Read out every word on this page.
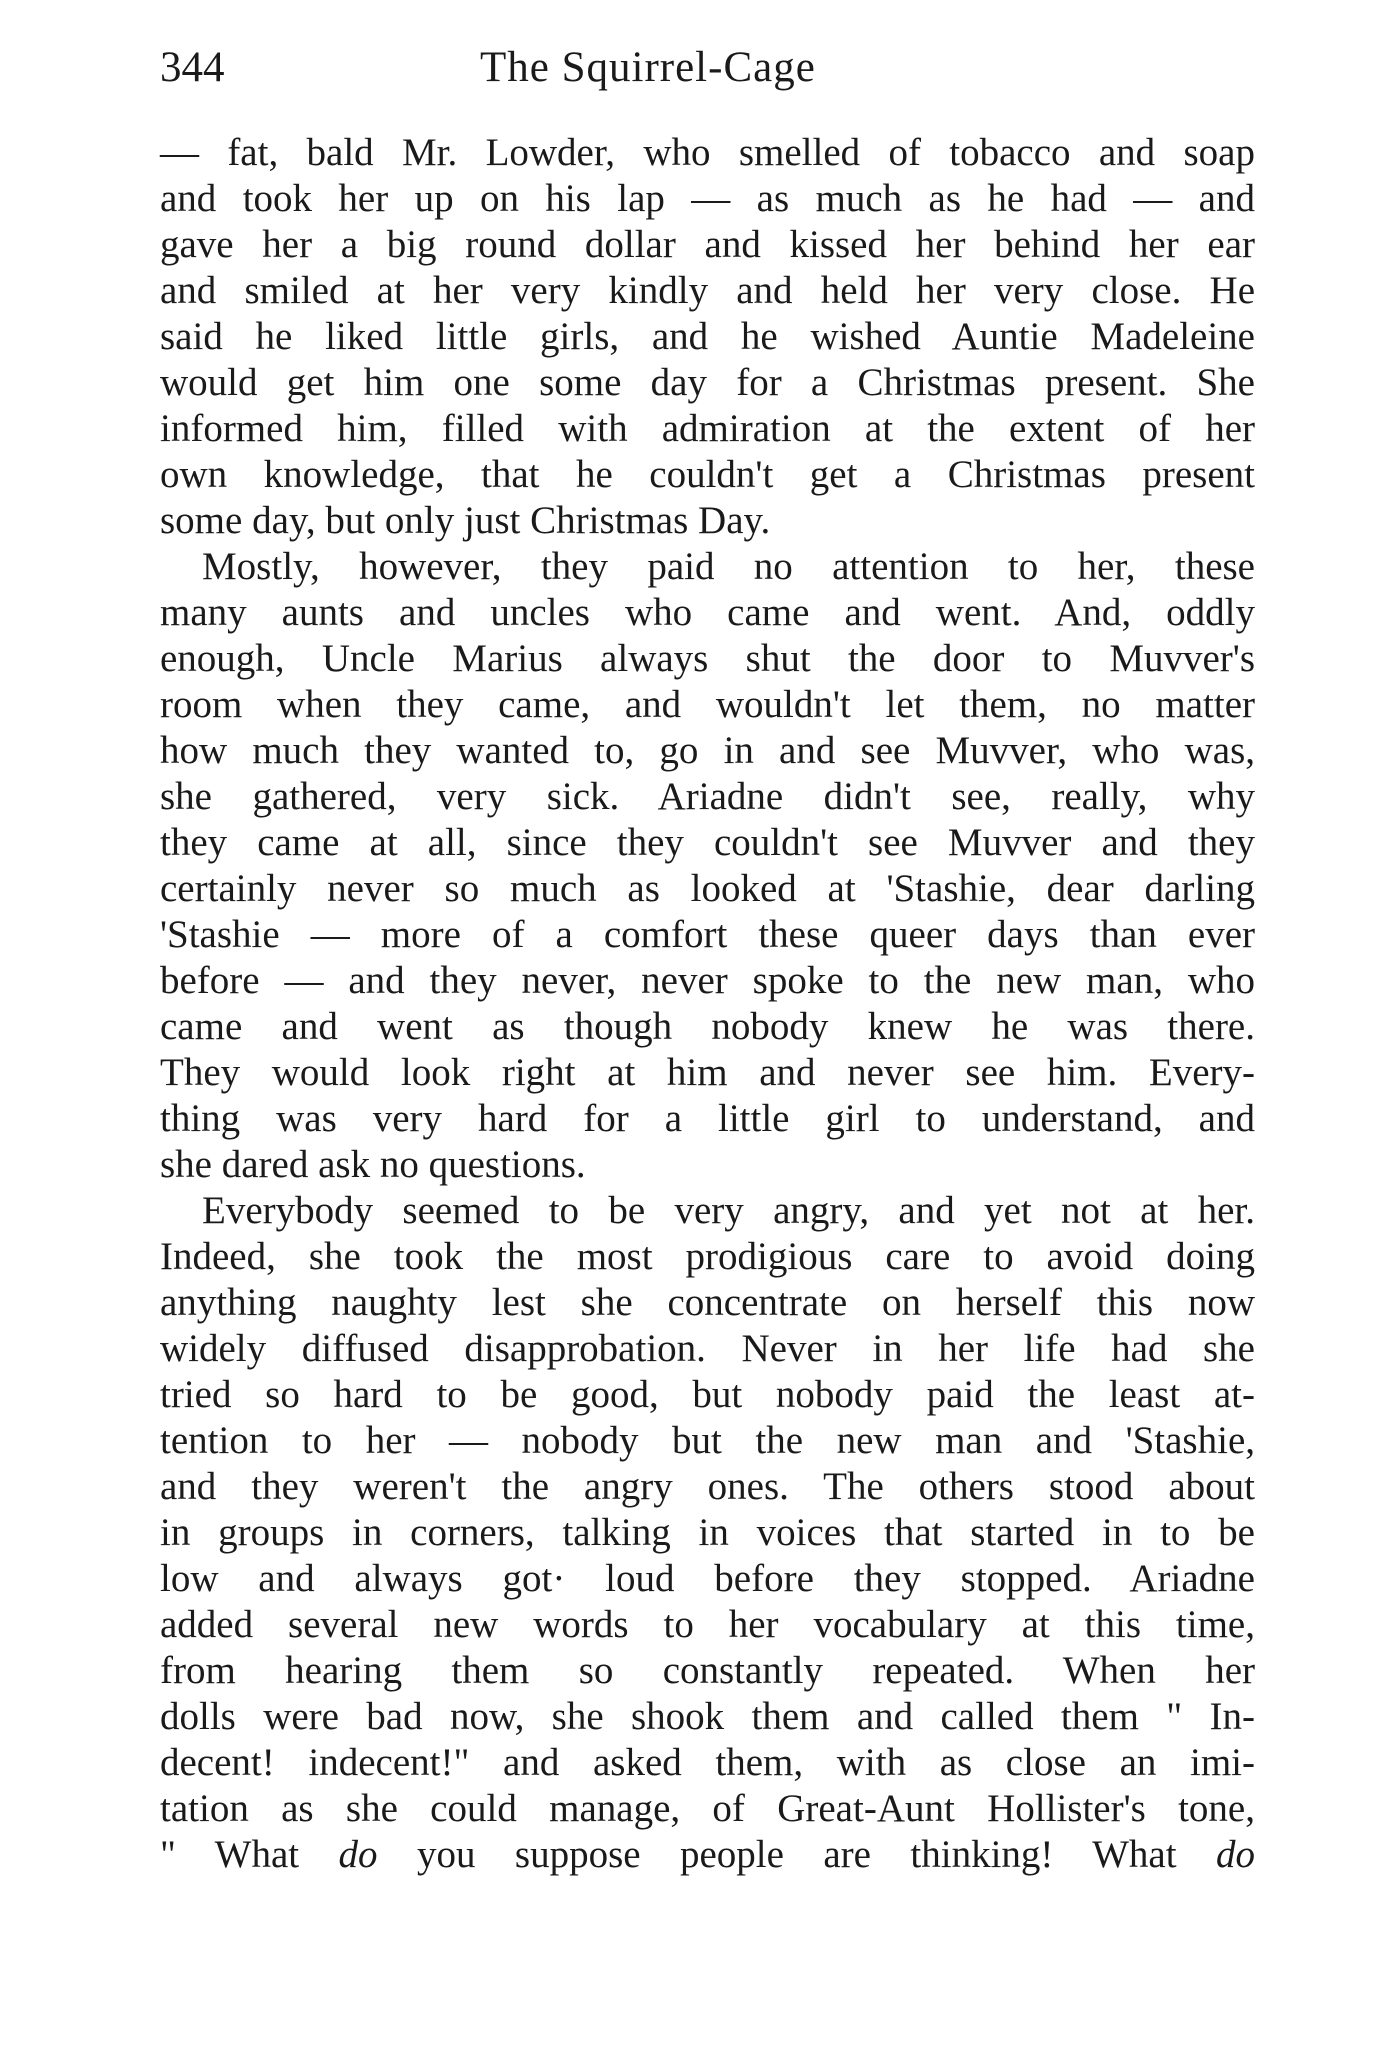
344	The Squirrel-Cage
— fat, bald Mr. Lowder, who smelled of tobacco and soap
and took her up on his lap — as much as he had — and
gave her a big round dollar and kissed her behind her ear
and smiled at her very kindly and held her very close. He
said he liked little girls, and he wished Auntie Madeleine
would get him one some day for a Christmas present. She
informed him, filled with admiration at the extent of her
own knowledge, that he couldn't get a Christmas present
some day, but only just Christmas Day.
Mostly, however, they paid no attention to her, these
many aunts and uncles who came and went. And, oddly
enough, Uncle Marius always shut the door to Muvver's
room when they came, and wouldn't let them, no matter
how much they wanted to, go in and see Muvver, who was,
she gathered, very sick. Ariadne didn't see, really, why
they came at all, since they couldn't see Muvver and they
certainly never so much as looked at 'Stashie, dear darling
'Stashie — more of a comfort these queer days than ever
before — and they never, never spoke to the new man, who
came and went as though nobody knew he was there.
They would look right at him and never see him. Every-
thing was very hard for a little girl to understand, and
she dared ask no questions.
Everybody seemed to be very angry, and yet not at her.
Indeed, she took the most prodigious care to avoid doing
anything naughty lest she concentrate on herself this now
widely diffused disapprobation. Never in her life had she
tried so hard to be good, but nobody paid the least at-
tention to her — nobody but the new man and 'Stashie,
and they weren't the angry ones. The others stood about
in groups in corners, talking in voices that started in to be
low and always got· loud before they stopped. Ariadne
added several new words to her vocabulary at this time,
from hearing them so constantly repeated. When her
dolls were bad now, she shook them and called them " In-
decent! indecent!" and asked them, with as close an imi-
tation as she could manage, of Great-Aunt Hollister's tone,
" What do you suppose people are thinking! What do
